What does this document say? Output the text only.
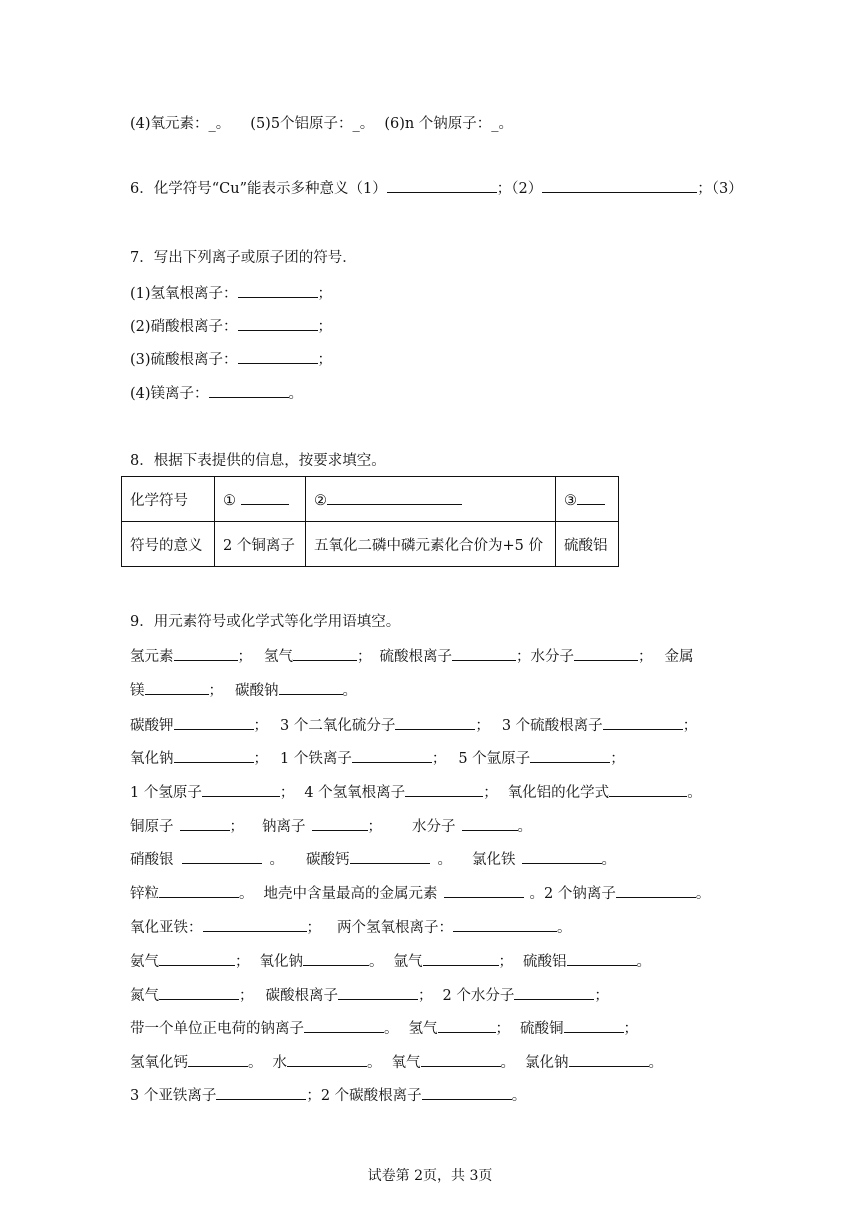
(4)氧元素：_。 (5)5个铝原子：_。 (6)n 个钠原子：_。
6．化学符号“Cu”能表示多种意义（1）	；（2）	；（3）
7．写出下列离子或原子团的符号．
(1)氢氧根离子：	；
(2)硝酸根离子：	；
(3)硫酸根离子：	；
(4)镁离子：	。
8．根据下表提供的信息，按要求填空。
化学符号	①	②	③
符号的意义	2 个铜离子	五氧化二磷中磷元素化合价为+5 价	硫酸铝
9．用元素符号或化学式等化学用语填空。
氢元素	； 氢气	； 硫酸根离子	；水分子	； 金属
镁	； 碳酸钠	。
碳酸钾	； 3 个二氧化硫分子	； 3 个硫酸根离子	；
氧化钠	； 1 个铁离子	； 5 个氩原子	；
1 个氢原子	； 4 个氢氧根离子	； 氧化铝的化学式	。
铜原子	； 钠离子	； 水分子	。
硝酸银	。 碳酸钙	。 氯化铁	。
锌粒	。 地壳中含量最高的金属元素	。2 个钠离子	。
氧化亚铁：	； 两个氢氧根离子：	。
氨气	； 氧化钠	。 氩气	； 硫酸铝	。
氮气	； 碳酸根离子	； 2 个水分子	；
带一个单位正电荷的钠离子	。 氢气	； 硫酸铜	；
氢氧化钙	。 水	。 氧气	。 氯化钠	。
3 个亚铁离子	；2 个碳酸根离子	。
试卷第 2页，共 3页
